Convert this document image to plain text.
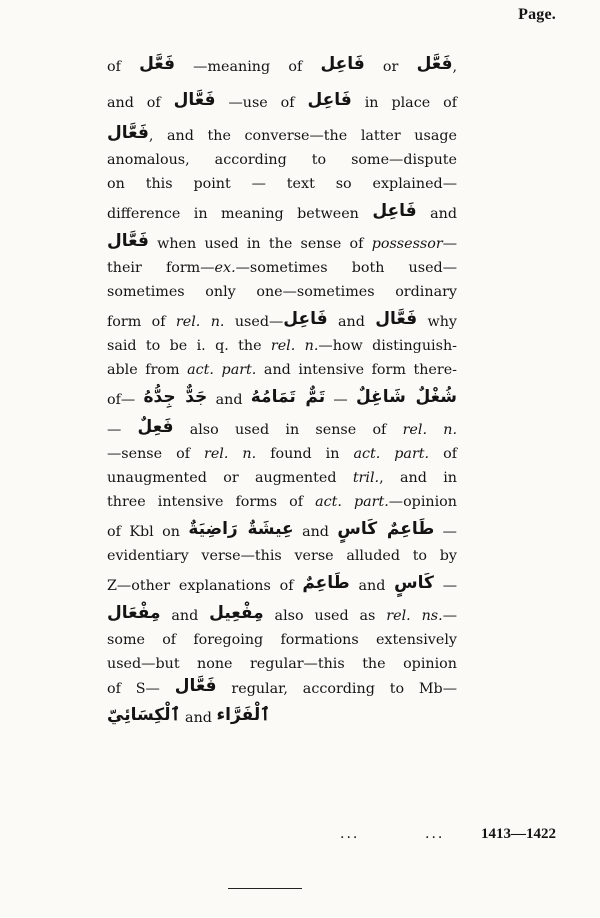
Page.
of فَعَّل —meaning of فَاعِل or فَعَّل,
and of فَعَّال —use of فَاعِل in place of
فَعَّال, and the converse—the latter usage
anomalous, according to some—dispute
on this point — text so explained—
difference in meaning between فَاعِل and
فَعَّال when used in the sense of possessor—
their form—ex.—sometimes both used—
sometimes only one—sometimes ordinary
form of rel. n. used—فَاعِل and فَعَّال why
said to be i. q. the rel. n.—how distinguish-
able from act. part. and intensive form there-
of— جَدٌّ جِدُّهُ and تَمٌّ تَمَامُهُ — شُغْلٌ شَاغِلٌ
— فَعِلٌ also used in sense of rel. n.
—sense of rel. n. found in act. part. of
unaugmented or augmented tril., and in
three intensive forms of act. part.—opinion
of Kbl on عِيشَةٌ رَاضِيَةٌ and طَاعِمٌ كَاسٍ —
evidentiary verse—this verse alluded to by
Z—other explanations of طَاعِمٌ and كَاسٍ —
مِفْعَال and مِفْعِيل also used as rel. ns.—
some of foregoing formations extensively
used—but none regular—this the opinion
of S— فَعَّال regular, according to Mb—
ٱلْكِسَائِيّ and ٱلْفَرَّاء
...	... 1413—1422
